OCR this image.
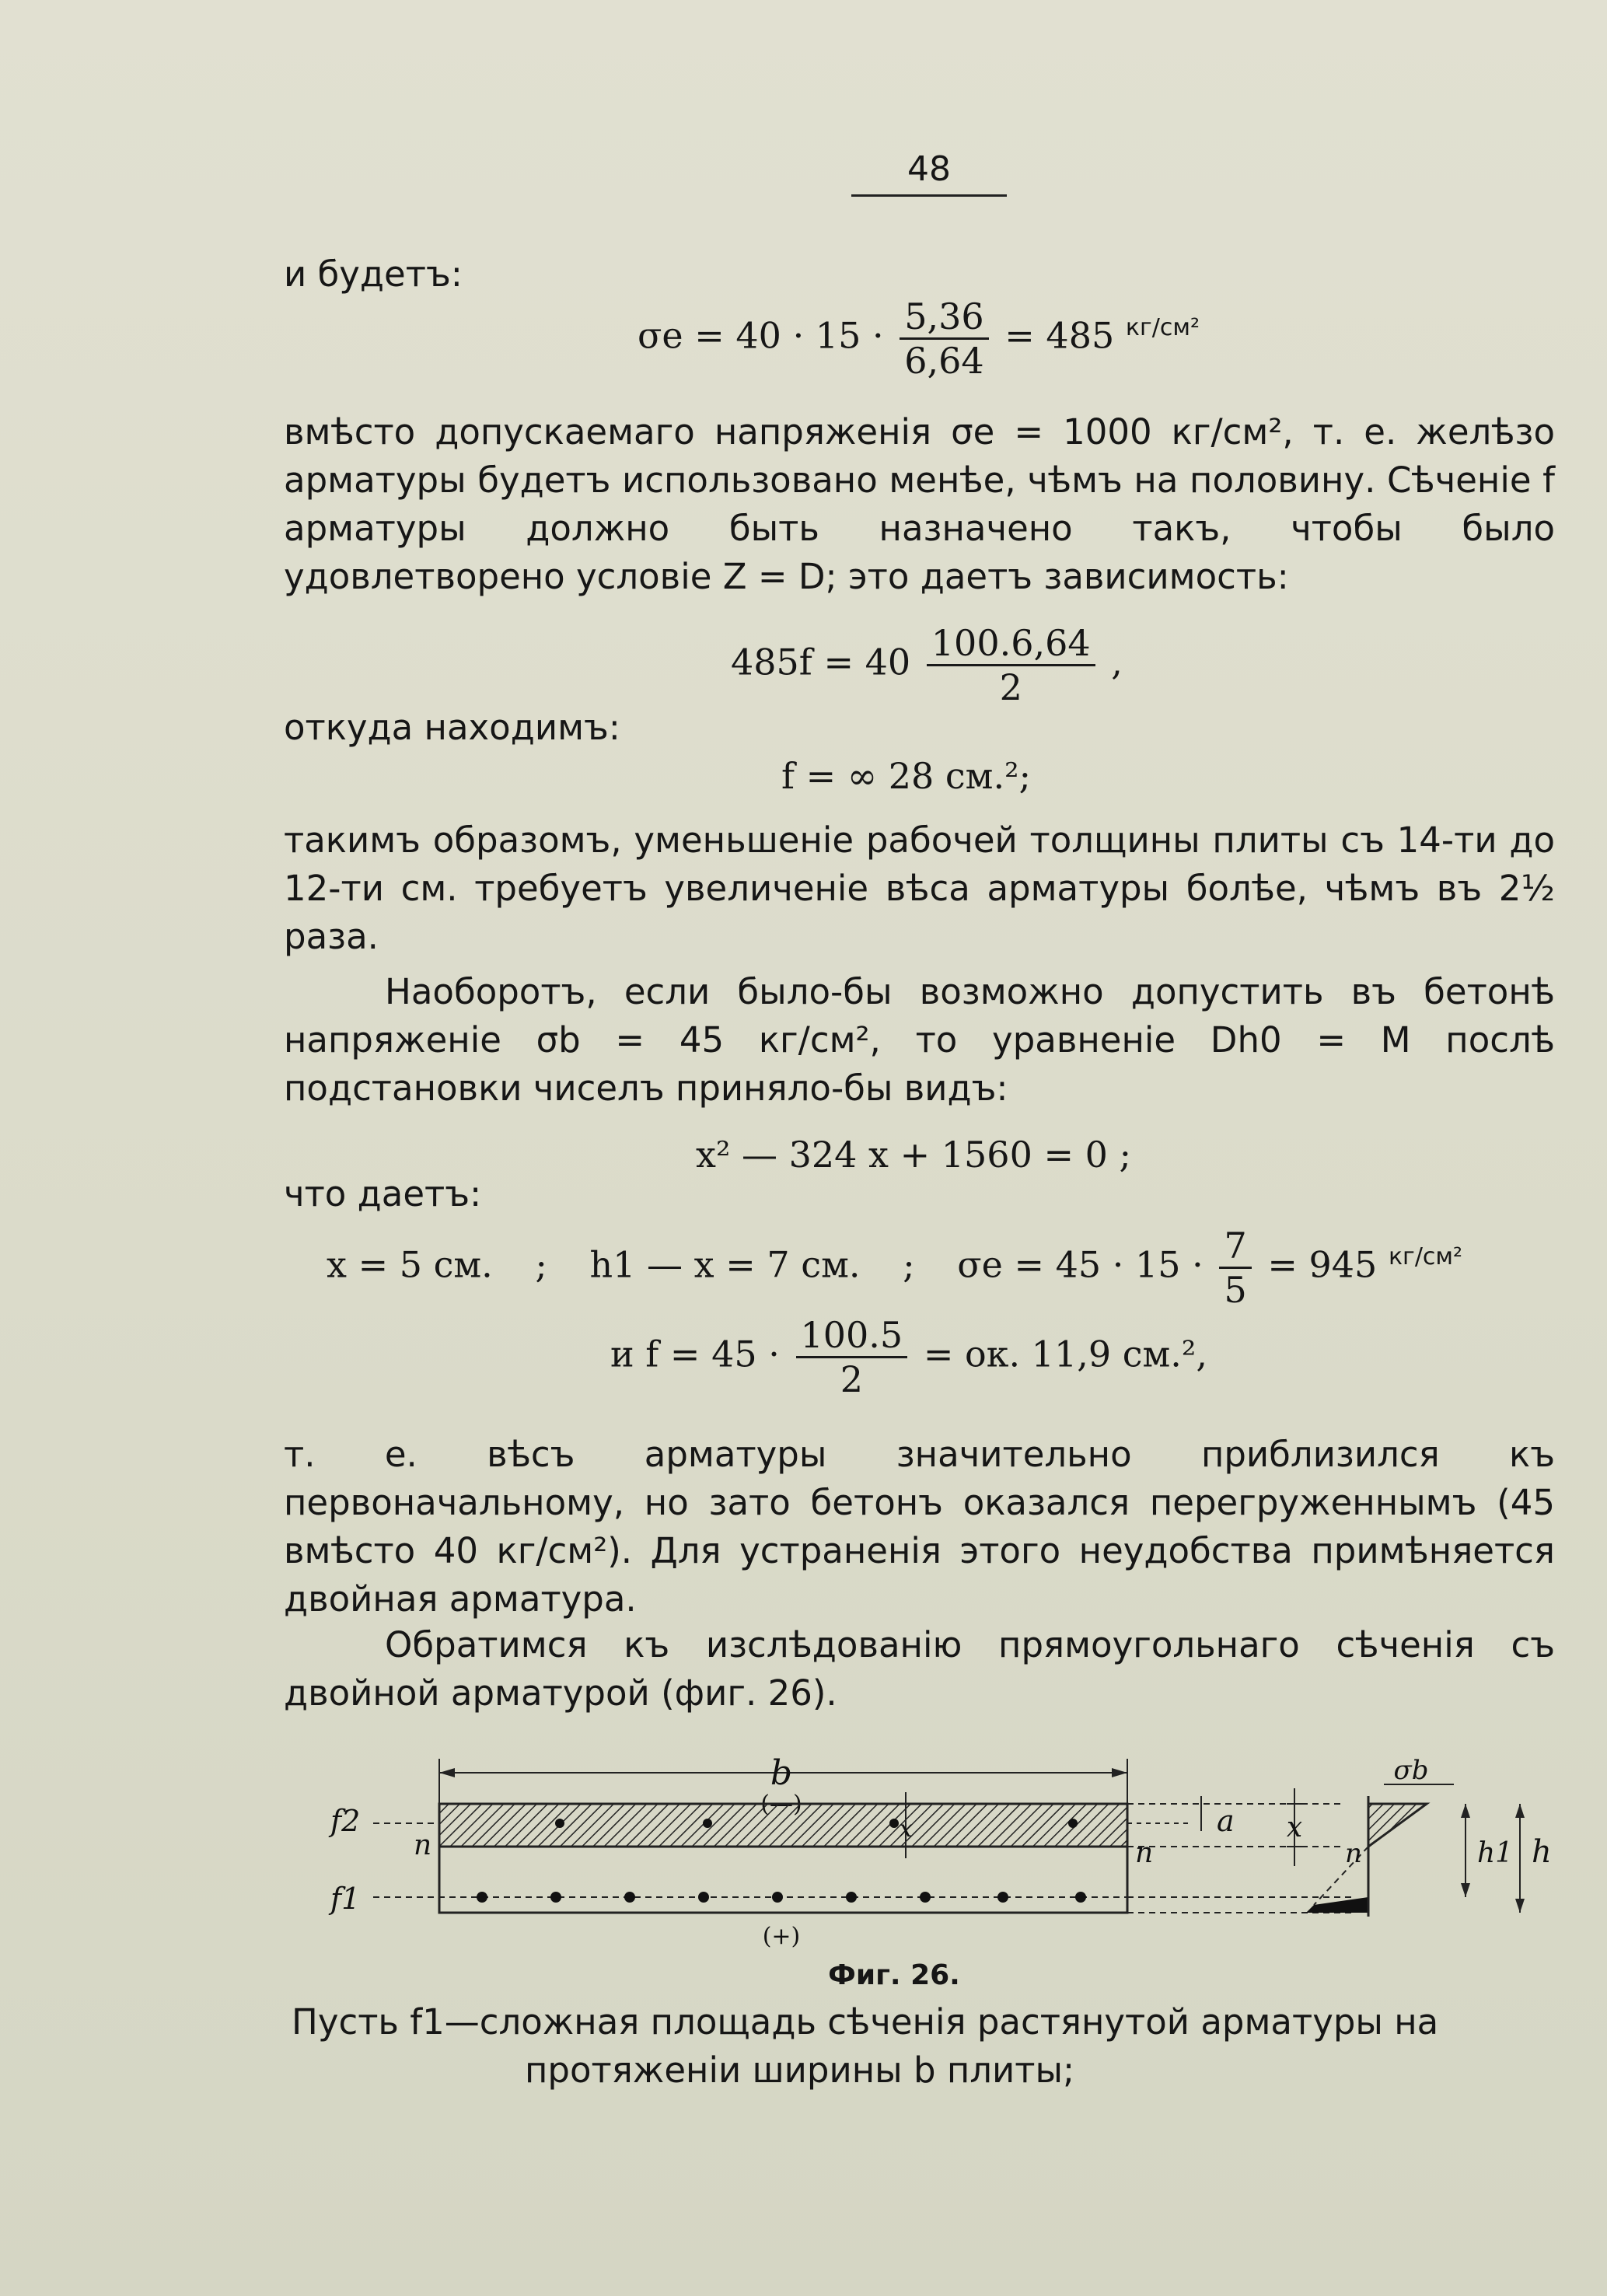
48
и будетъ:
$\sigma e = 40 \cdot 15 \cdot \frac{5,36}{6,64} = 485$ $^{кг/см^2}$
вмѣсто допускаемаго напряженія σe = 1000 кг/см², т. е. желѣзо арматуры будетъ использовано менѣе, чѣмъ на половину. Сѣченіе f арматуры должно быть назначено такъ, чтобы было удовлетворено условіе Z = D; это даетъ зависимость:
$485f = 40 \frac{100.6,64}{2}$ ,
откуда находимъ:
f = ∞ 28 см.²;
такимъ образомъ, уменьшеніе рабочей толщины плиты съ 14-ти до 12-ти см. требуетъ увеличеніе вѣса арматуры болѣе, чѣмъ въ 2½ раза.
Наоборотъ, если было-бы возможно допустить въ бетонѣ напряженіе σb = 45 кг/см², то уравненіе Dh0 = M послѣ подстановки чиселъ приняло-бы видъ:
x² — 324 x + 1560 = 0 ;
что даетъ:
x = 5 см. ; h1 — x = 7 см. ; $\sigma e = 45 \cdot 15 \cdot \frac{7}{5} = 945$ $^{кг/см^2}$
и $f = 45 \cdot \frac{100.5}{2}$ = ок. 11,9 см.²,
т. е. вѣсъ арматуры значительно приблизился къ первоначальному, но зато бетонъ оказался перегруженнымъ (45 вмѣсто 40 кг/см²). Для устраненія этого неудобства примѣняется двойная арматура.
Обратимся къ изслѣдованію прямоугольнаго сѣченія съ двойной арматурой (фиг. 26).
b
x
f2
f1
n	n
a x
σb
n	h1 h
(+)
Фиг. 26.
Пусть f1—сложная площадь сѣченія растянутой арматуры на
протяженіи ширины b плиты;
